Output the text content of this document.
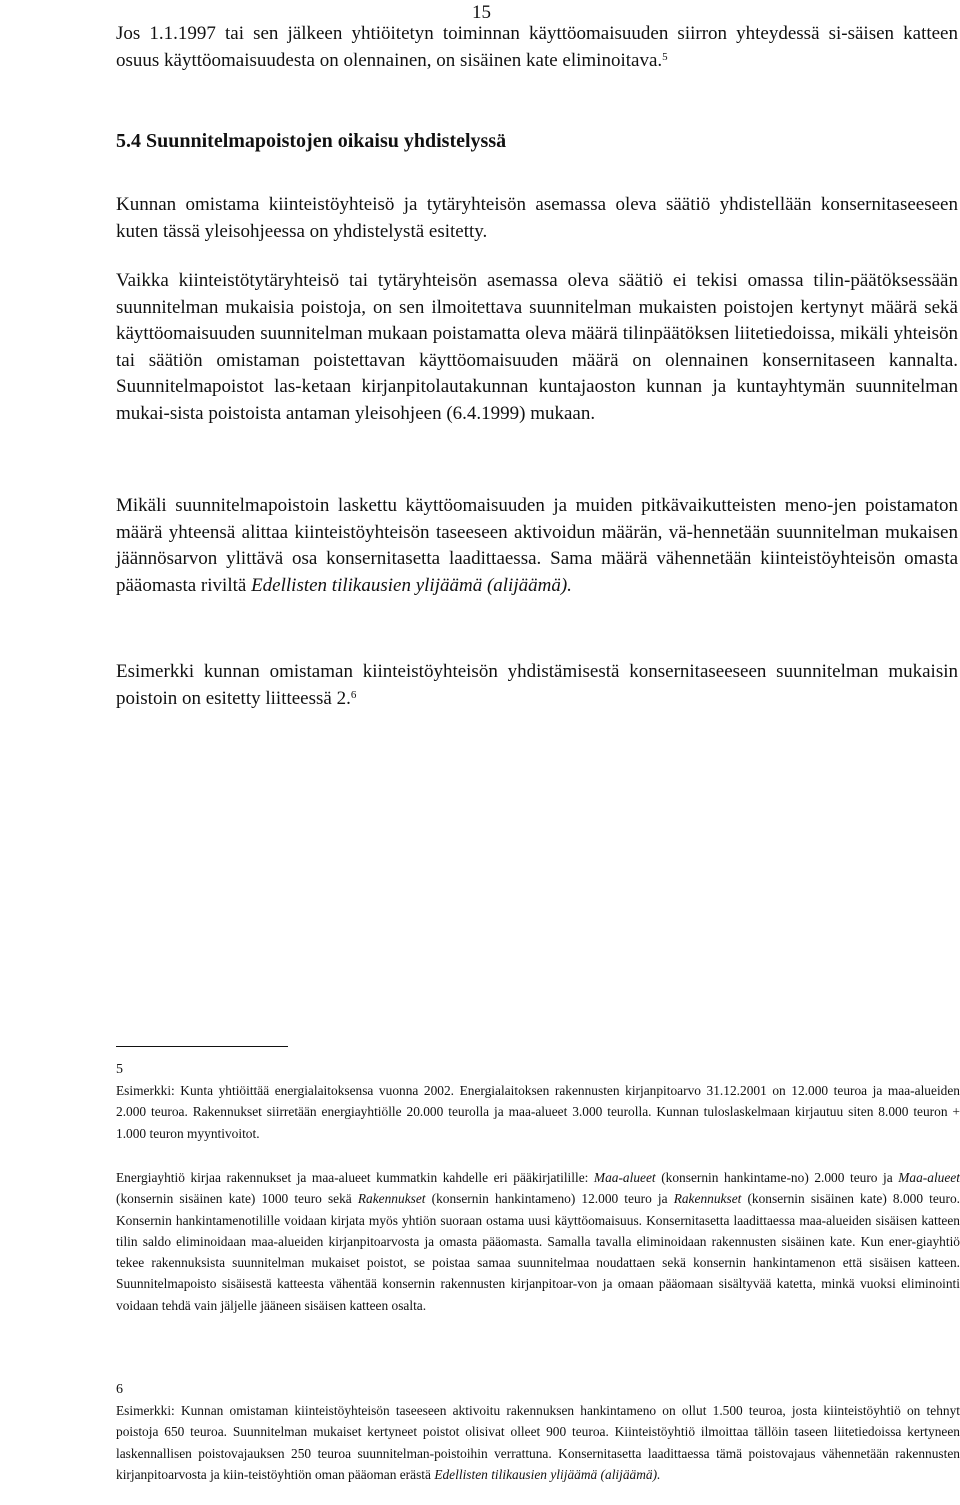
15
Jos 1.1.1997 tai sen jälkeen yhtiöitetyn toiminnan käyttöomaisuuden siirron yhteydessä si-säisen katteen osuus käyttöomaisuudesta on olennainen, on sisäinen kate eliminoitava.$^5$
5.4 Suunnitelmapoistojen oikaisu yhdistelyssä
Kunnan omistama kiinteistöyhteisö ja tytäryhteisön asemassa oleva säätiö yhdistellään konsernitaseeseen kuten tässä yleisohjeessa on yhdistelystä esitetty.
Vaikka kiinteistötytäryhteisö tai tytäryhteisön asemassa oleva säätiö ei tekisi omassa tilin-päätöksessään suunnitelman mukaisia poistoja, on sen ilmoitettava suunnitelman mukaisten poistojen kertynyt määrä sekä käyttöomaisuuden suunnitelman mukaan poistamatta oleva määrä tilinpäätöksen liitetiedoissa, mikäli yhteisön tai säätiön omistaman poistettavan käyttöomaisuuden määrä on olennainen konsernitaseen kannalta. Suunnitelmapoistot las-ketaan kirjanpitolautakunnan kuntajaoston kunnan ja kuntayhtymän suunnitelman mukai-sista poistoista antaman yleisohjeen (6.4.1999) mukaan.
Mikäli suunnitelmapoistoin laskettu käyttöomaisuuden ja muiden pitkävaikutteisten meno-jen poistamaton määrä yhteensä alittaa kiinteistöyhteisön taseeseen aktivoidun määrän, vä-hennetään suunnitelman mukaisen jäännösarvon ylittävä osa konsernitasetta laadittaessa. Sama määrä vähennetään kiinteistöyhteisön omasta pääomasta riviltä Edellisten tilikausien ylijäämä (alijäämä).
Esimerkki kunnan omistaman kiinteistöyhteisön yhdistämisestä konsernitaseeseen suunnitelman mukaisin poistoin on esitetty liitteessä 2.$^6$
5
Esimerkki: Kunta yhtiöittää energialaitoksensa vuonna 2002. Energialaitoksen rakennusten kirjanpitoarvo 31.12.2001 on 12.000 teuroa ja maa-alueiden 2.000 teuroa. Rakennukset siirretään energiayhtiölle 20.000 teurolla ja maa-alueet 3.000 teurolla. Kunnan tuloslaskelmaan kirjautuu siten 8.000 teuron + 1.000 teuron myyntivoitot.
Energiayhtiö kirjaa rakennukset ja maa-alueet kummatkin kahdelle eri pääkirjatilille: Maa-alueet (konsernin hankintame-no) 2.000 teuro ja Maa-alueet (konsernin sisäinen kate) 1000 teuro sekä Rakennukset (konsernin hankintameno) 12.000 teuro ja Rakennukset (konsernin sisäinen kate) 8.000 teuro. Konsernin hankintamenotilille voidaan kirjata myös yhtiön suoraan ostama uusi käyttöomaisuus. Konsernitasetta laadittaessa maa-alueiden sisäisen katteen tilin saldo eliminoidaan maa-alueiden kirjanpitoarvosta ja omasta pääomasta. Samalla tavalla eliminoidaan rakennusten sisäinen kate. Kun ener-giayhtiö tekee rakennuksista suunnitelman mukaiset poistot, se poistaa samaa suunnitelmaa noudattaen sekä konsernin hankintamenon että sisäisen katteen. Suunnitelmapoisto sisäisestä katteesta vähentää konsernin rakennusten kirjanpitoar-von ja omaan pääomaan sisältyvää katetta, minkä vuoksi eliminointi voidaan tehdä vain jäljelle jääneen sisäisen katteen osalta.
6
Esimerkki: Kunnan omistaman kiinteistöyhteisön taseeseen aktivoitu rakennuksen hankintameno on ollut 1.500 teuroa, josta kiinteistöyhtiö on tehnyt poistoja 650 teuroa. Suunnitelman mukaiset kertyneet poistot olisivat olleet 900 teuroa. Kiinteistöyhtiö ilmoittaa tällöin taseen liitetiedoissa kertyneen laskennallisen poistovajauksen 250 teuroa suunnitelman-poistoihin verrattuna. Konsernitasetta laadittaessa tämä poistovajaus vähennetään rakennusten kirjanpitoarvosta ja kiin-teistöyhtiön oman pääoman erästä Edellisten tilikausien ylijäämä (alijäämä).
